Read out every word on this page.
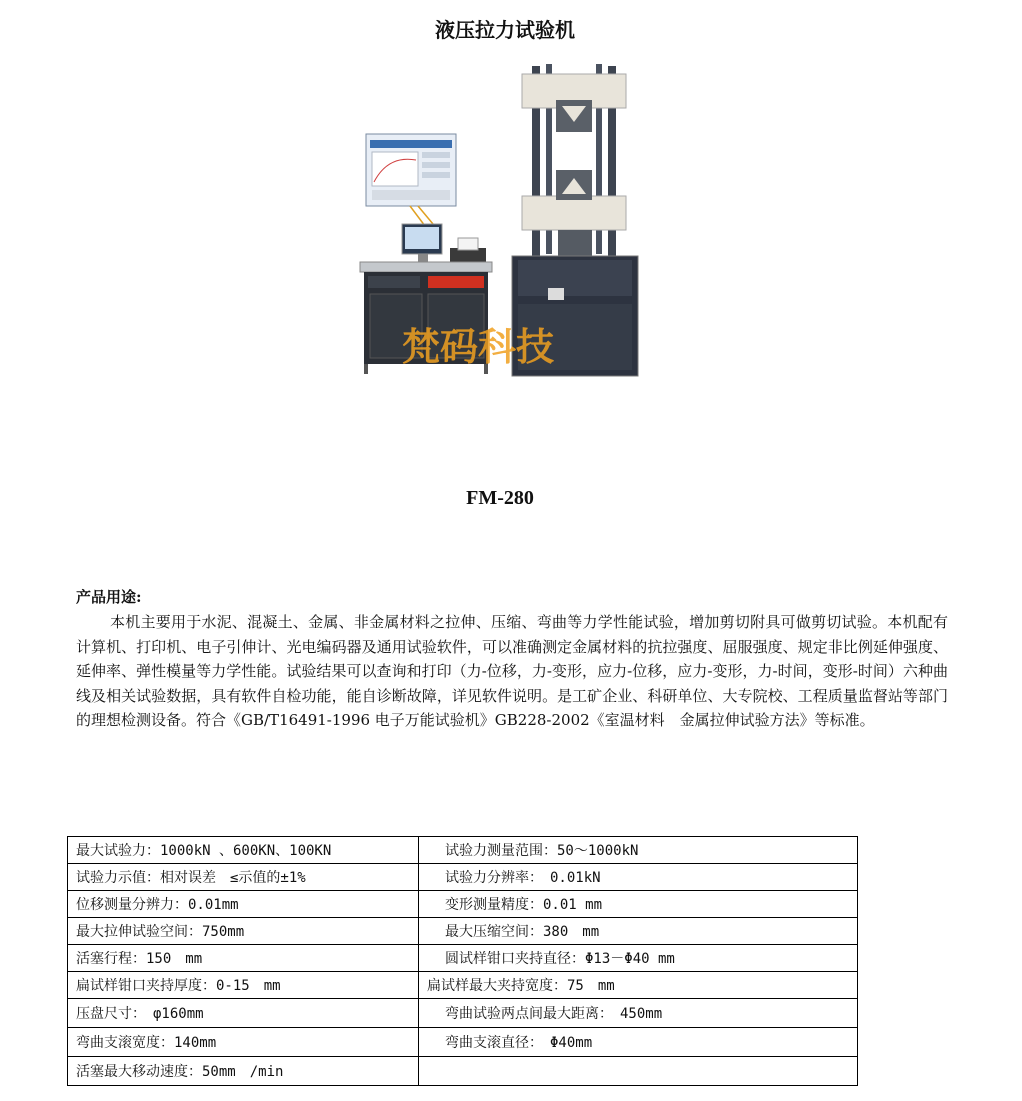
液压拉力试验机
梵码科技
FM-280
产品用途:
本机主要用于水泥、混凝土、金属、非金属材料之拉伸、压缩、弯曲等力学性能试验，增加剪切附具可做剪切试验。本机配有计算机、打印机、电子引伸计、光电编码器及通用试验软件，可以准确测定金属材料的抗拉强度、屈服强度、规定非比例延伸强度、延伸率、弹性模量等力学性能。试验结果可以查询和打印（力-位移，力-变形，应力-位移，应力-变形，力-时间，变形-时间）六种曲线及相关试验数据，具有软件自检功能，能自诊断故障，详见软件说明。是工矿企业、科研单位、大专院校、工程质量监督站等部门的理想检测设备。符合《GB/T16491-1996 电子万能试验机》GB228-2002《室温材料　金属拉伸试验方法》等标准。
最大试验力：1000kN 、600KN、100KN	试验力测量范围：50～1000kN
试验力示值：相对误差　≤示值的±1%	试验力分辨率：　0.01kN
位移测量分辨力：0.01mm	变形测量精度：0.01 mm
最大拉伸试验空间：750mm	最大压缩空间：380　mm
活塞行程：150　mm	圆试样钳口夹持直径：Φ13－Φ40 mm
扁试样钳口夹持厚度：0-15　mm	扁试样最大夹持宽度：75　mm
压盘尺寸：　φ160mm	弯曲试验两点间最大距离：　450mm
弯曲支滚宽度：140mm	弯曲支滚直径：　Φ40mm
活塞最大移动速度：50mm　/min	
